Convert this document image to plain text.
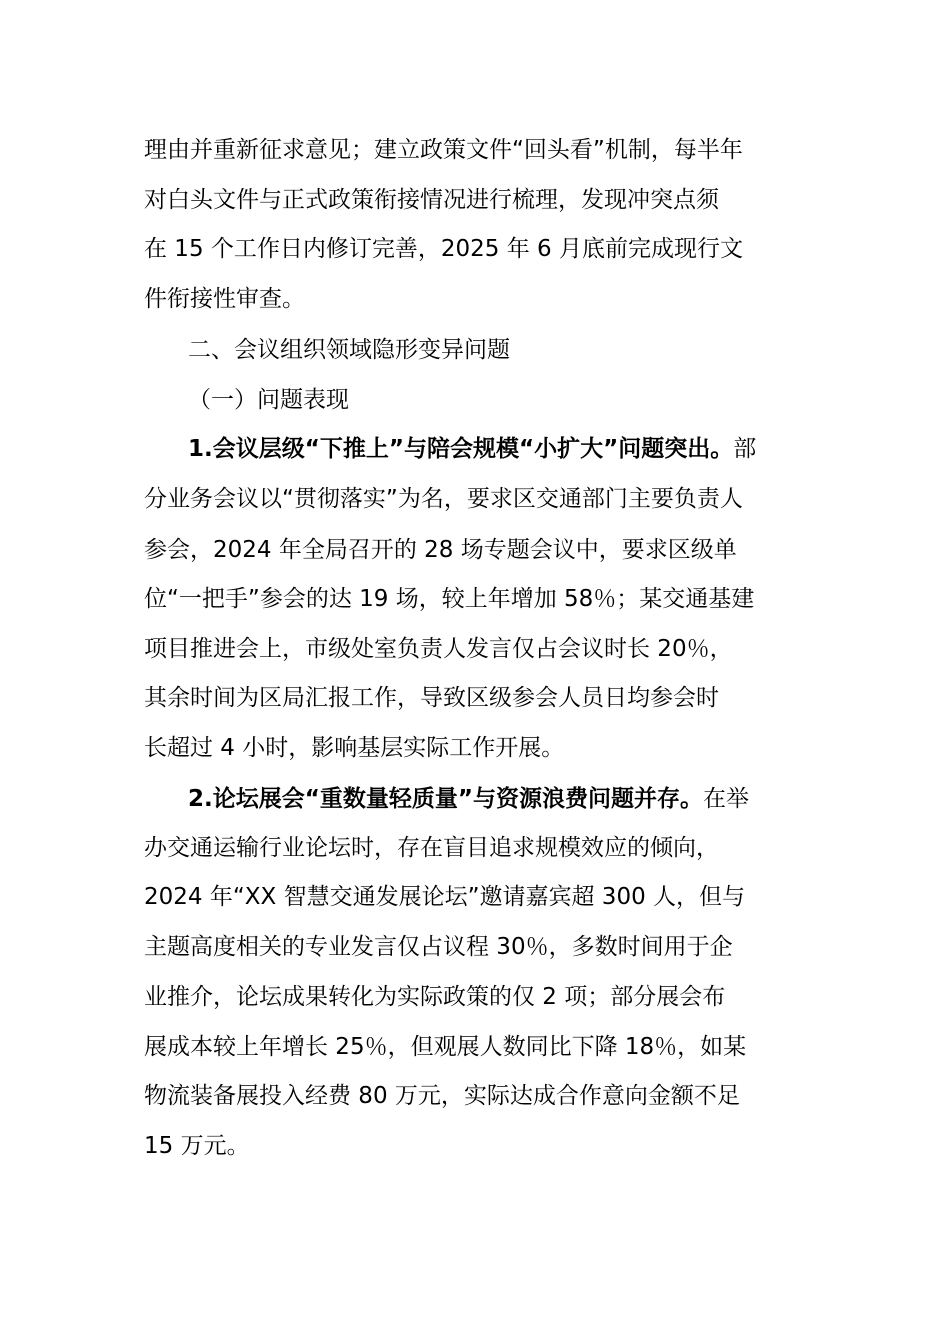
理由并重新征求意见；建立政策文件“回头看”机制，每半年
对白头文件与正式政策衔接情况进行梳理，发现冲突点须
在 15 个工作日内修订完善，2025 年 6 月底前完成现行文
件衔接性审查。
二、会议组织领域隐形变异问题
（一）问题表现
1.会议层级“下推上”与陪会规模“小扩大”问题突出。部
分业务会议以“贯彻落实”为名，要求区交通部门主要负责人
参会，2024 年全局召开的 28 场专题会议中，要求区级单
位“一把手”参会的达 19 场，较上年增加 58％；某交通基建
项目推进会上，市级处室负责人发言仅占会议时长 20％，
其余时间为区局汇报工作，导致区级参会人员日均参会时
长超过 4 小时，影响基层实际工作开展。
2.论坛展会“重数量轻质量”与资源浪费问题并存。在举
办交通运输行业论坛时，存在盲目追求规模效应的倾向，
2024 年“XX 智慧交通发展论坛”邀请嘉宾超 300 人，但与
主题高度相关的专业发言仅占议程 30％，多数时间用于企
业推介，论坛成果转化为实际政策的仅 2 项；部分展会布
展成本较上年增长 25％，但观展人数同比下降 18％，如某
物流装备展投入经费 80 万元，实际达成合作意向金额不足
15 万元。
